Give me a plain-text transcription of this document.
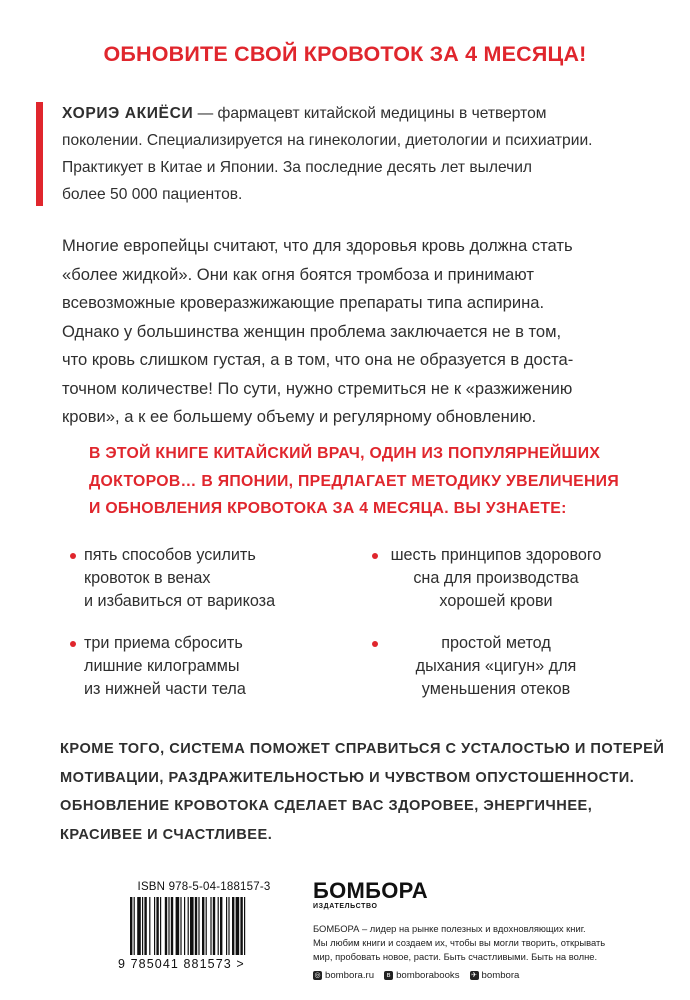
ОБНОВИТЕ СВОЙ КРОВОТОК ЗА 4 МЕСЯЦА!
ХОРИЭ АКИЁСИ — фармацевт китайской медицины в четвертом
поколении. Специализируется на гинекологии, диетологии и психиатрии.
Практикует в Китае и Японии. За последние десять лет вылечил
более 50 000 пациентов.
Многие европейцы считают, что для здоровья кровь должна стать
«более жидкой». Они как огня боятся тромбоза и принимают
всевозможные кроверазжижающие препараты типа аспирина.
Однако у большинства женщин проблема заключается не в том,
что кровь слишком густая, а в том, что она не образуется в доста-
точном количестве! По сути, нужно стремиться не к «разжижению
крови», а к ее большему объему и регулярному обновлению.
В ЭТОЙ КНИГЕ КИТАЙСКИЙ ВРАЧ, ОДИН ИЗ ПОПУЛЯРНЕЙШИХ
ДОКТОРОВ… В ЯПОНИИ, ПРЕДЛАГАЕТ МЕТОДИКУ УВЕЛИЧЕНИЯ
И ОБНОВЛЕНИЯ КРОВОТОКА ЗА 4 МЕСЯЦА. ВЫ УЗНАЕТЕ:
пять способов усилить
кровоток в венах
и избавиться от варикоза
три приема сбросить
лишние килограммы
из нижней части тела
шесть принципов здорового
сна для производства
хорошей крови
простой метод
дыхания «цигун» для
уменьшения отеков
КРОМЕ ТОГО, СИСТЕМА ПОМОЖЕТ СПРАВИТЬСЯ С УСТАЛОСТЬЮ И ПОТЕРЕЙ
МОТИВАЦИИ, РАЗДРАЖИТЕЛЬНОСТЬЮ И ЧУВСТВОМ ОПУСТОШЕННОСТИ.
ОБНОВЛЕНИЕ КРОВОТОКА СДЕЛАЕТ ВАС ЗДОРОВЕЕ, ЭНЕРГИЧНЕЕ,
КРАСИВЕЕ И СЧАСТЛИВЕЕ.
ISBN 978-5-04-188157-3
9 785041 881573 >
БОМБОРА
ИЗДАТЕЛЬСТВО
БОМБОРА – лидер на рынке полезных и вдохновляющих книг.
Мы любим книги и создаем их, чтобы вы могли творить, открывать
мир, пробовать новое, расти. Быть счастливыми. Быть на волне.
◎ bombora.ru	в bomborabooks ✈ bombora
